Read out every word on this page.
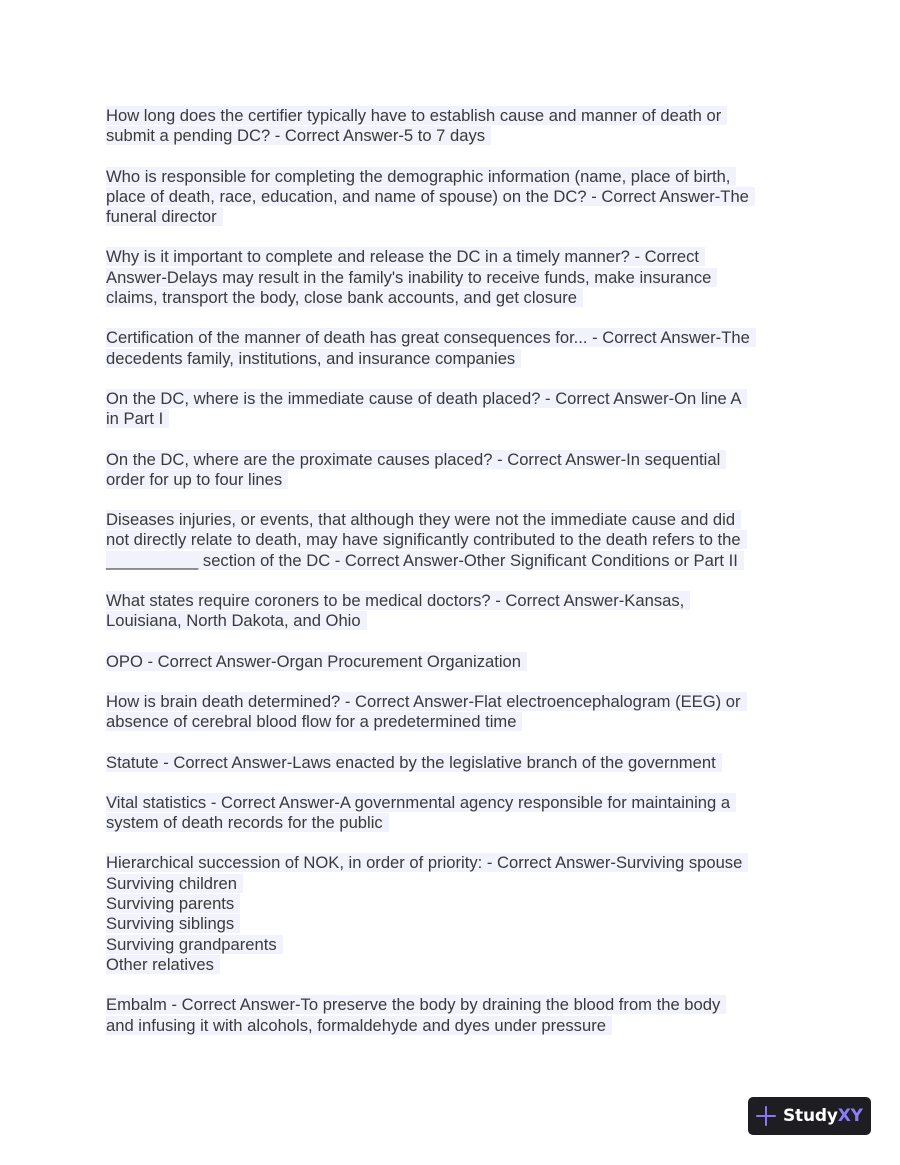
How long does the certifier typically have to establish cause and manner of death or
submit a pending DC? - Correct Answer-5 to 7 days
Who is responsible for completing the demographic information (name, place of birth,
place of death, race, education, and name of spouse) on the DC? - Correct Answer-The
funeral director
Why is it important to complete and release the DC in a timely manner? - Correct
Answer-Delays may result in the family's inability to receive funds, make insurance
claims, transport the body, close bank accounts, and get closure
Certification of the manner of death has great consequences for... - Correct Answer-The
decedents family, institutions, and insurance companies
On the DC, where is the immediate cause of death placed? - Correct Answer-On line A
in Part I
On the DC, where are the proximate causes placed? - Correct Answer-In sequential
order for up to four lines
Diseases injuries, or events, that although they were not the immediate cause and did
not directly relate to death, may have significantly contributed to the death refers to the
__________ section of the DC - Correct Answer-Other Significant Conditions or Part II
What states require coroners to be medical doctors? - Correct Answer-Kansas,
Louisiana, North Dakota, and Ohio
OPO - Correct Answer-Organ Procurement Organization
How is brain death determined? - Correct Answer-Flat electroencephalogram (EEG) or
absence of cerebral blood flow for a predetermined time
Statute - Correct Answer-Laws enacted by the legislative branch of the government
Vital statistics - Correct Answer-A governmental agency responsible for maintaining a
system of death records for the public
Hierarchical succession of NOK, in order of priority: - Correct Answer-Surviving spouse
Surviving children
Surviving parents
Surviving siblings
Surviving grandparents
Other relatives
Embalm - Correct Answer-To preserve the body by draining the blood from the body
and infusing it with alcohols, formaldehyde and dyes under pressure
StudyXY
